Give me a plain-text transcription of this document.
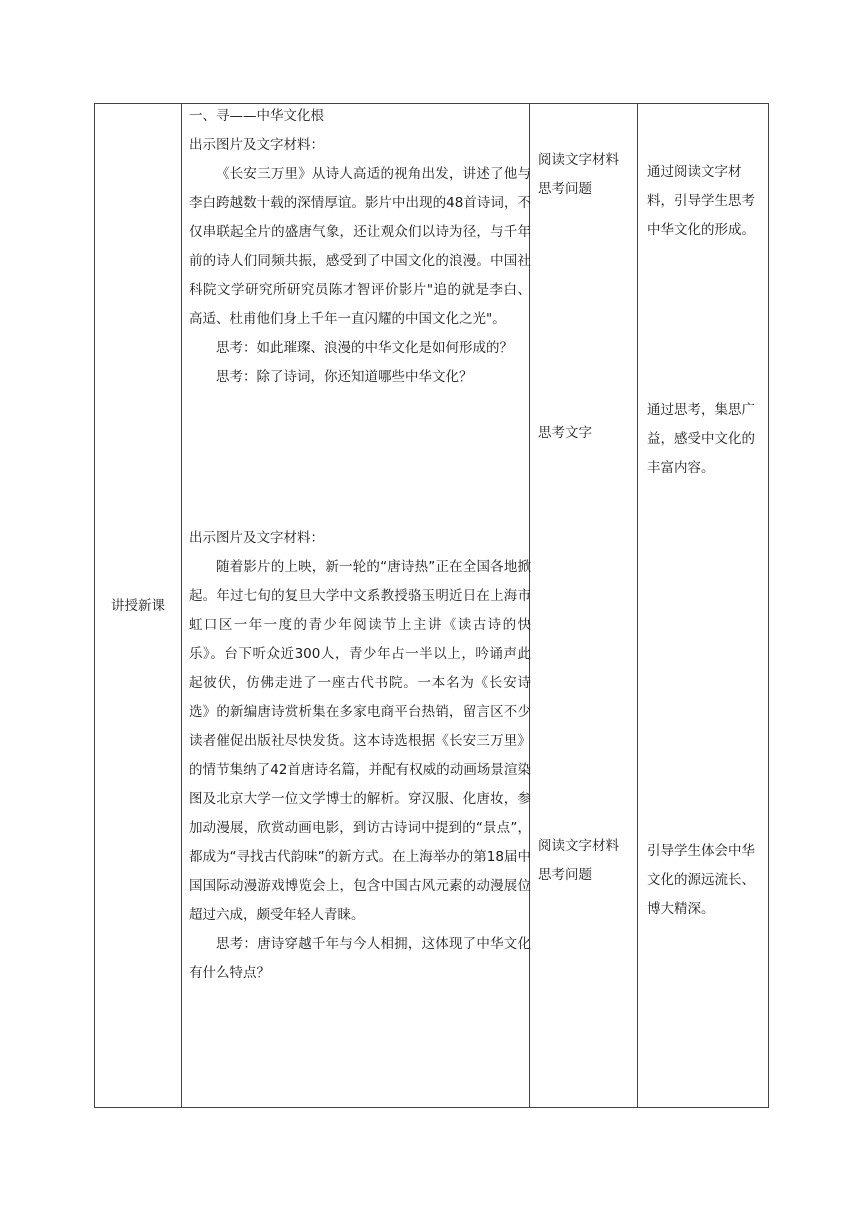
讲授新课

一、寻——中华文化根

出示图片及文字材料：

《长安三万里》从诗人高适的视角出发，讲述了他与李白跨越数十载的深情厚谊。影片中出现的48首诗词，不仅串联起全片的盛唐气象，还让观众们以诗为径，与千年前的诗人们同频共振，感受到了中国文化的浪漫。中国社科院文学研究所研究员陈才智评价影片"追的就是李白、高适、杜甫他们身上千年一直闪耀的中国文化之光"。

思考：如此璀璨、浪漫的中华文化是如何形成的？

思考：除了诗词，你还知道哪些中华文化？

出示图片及文字材料：

随着影片的上映，新一轮的“唐诗热”正在全国各地掀起。年过七旬的复旦大学中文系教授骆玉明近日在上海市虹口区一年一度的青少年阅读节上主讲《读古诗的快乐》。台下听众近300人，青少年占一半以上，吟诵声此起彼伏，仿佛走进了一座古代书院。一本名为《长安诗选》的新编唐诗赏析集在多家电商平台热销，留言区不少读者催促出版社尽快发货。这本诗选根据《长安三万里》的情节集纳了42首唐诗名篇，并配有权威的动画场景渲染图及北京大学一位文学博士的解析。穿汉服、化唐妆，参加动漫展，欣赏动画电影，到访古诗词中提到的“景点”，都成为“寻找古代韵味”的新方式。在上海举办的第18届中国国际动漫游戏博览会上，包含中国古风元素的动漫展位超过六成，颇受年轻人青睐。

思考：唐诗穿越千年与今人相拥，这体现了中华文化有什么特点？

阅读文字材料

思考问题

思考文字

阅读文字材料

思考问题

通过阅读文字材料，引导学生思考中华文化的形成。

通过思考，集思广益，感受中文化的丰富内容。

引导学生体会中华文化的源远流长、博大精深。
